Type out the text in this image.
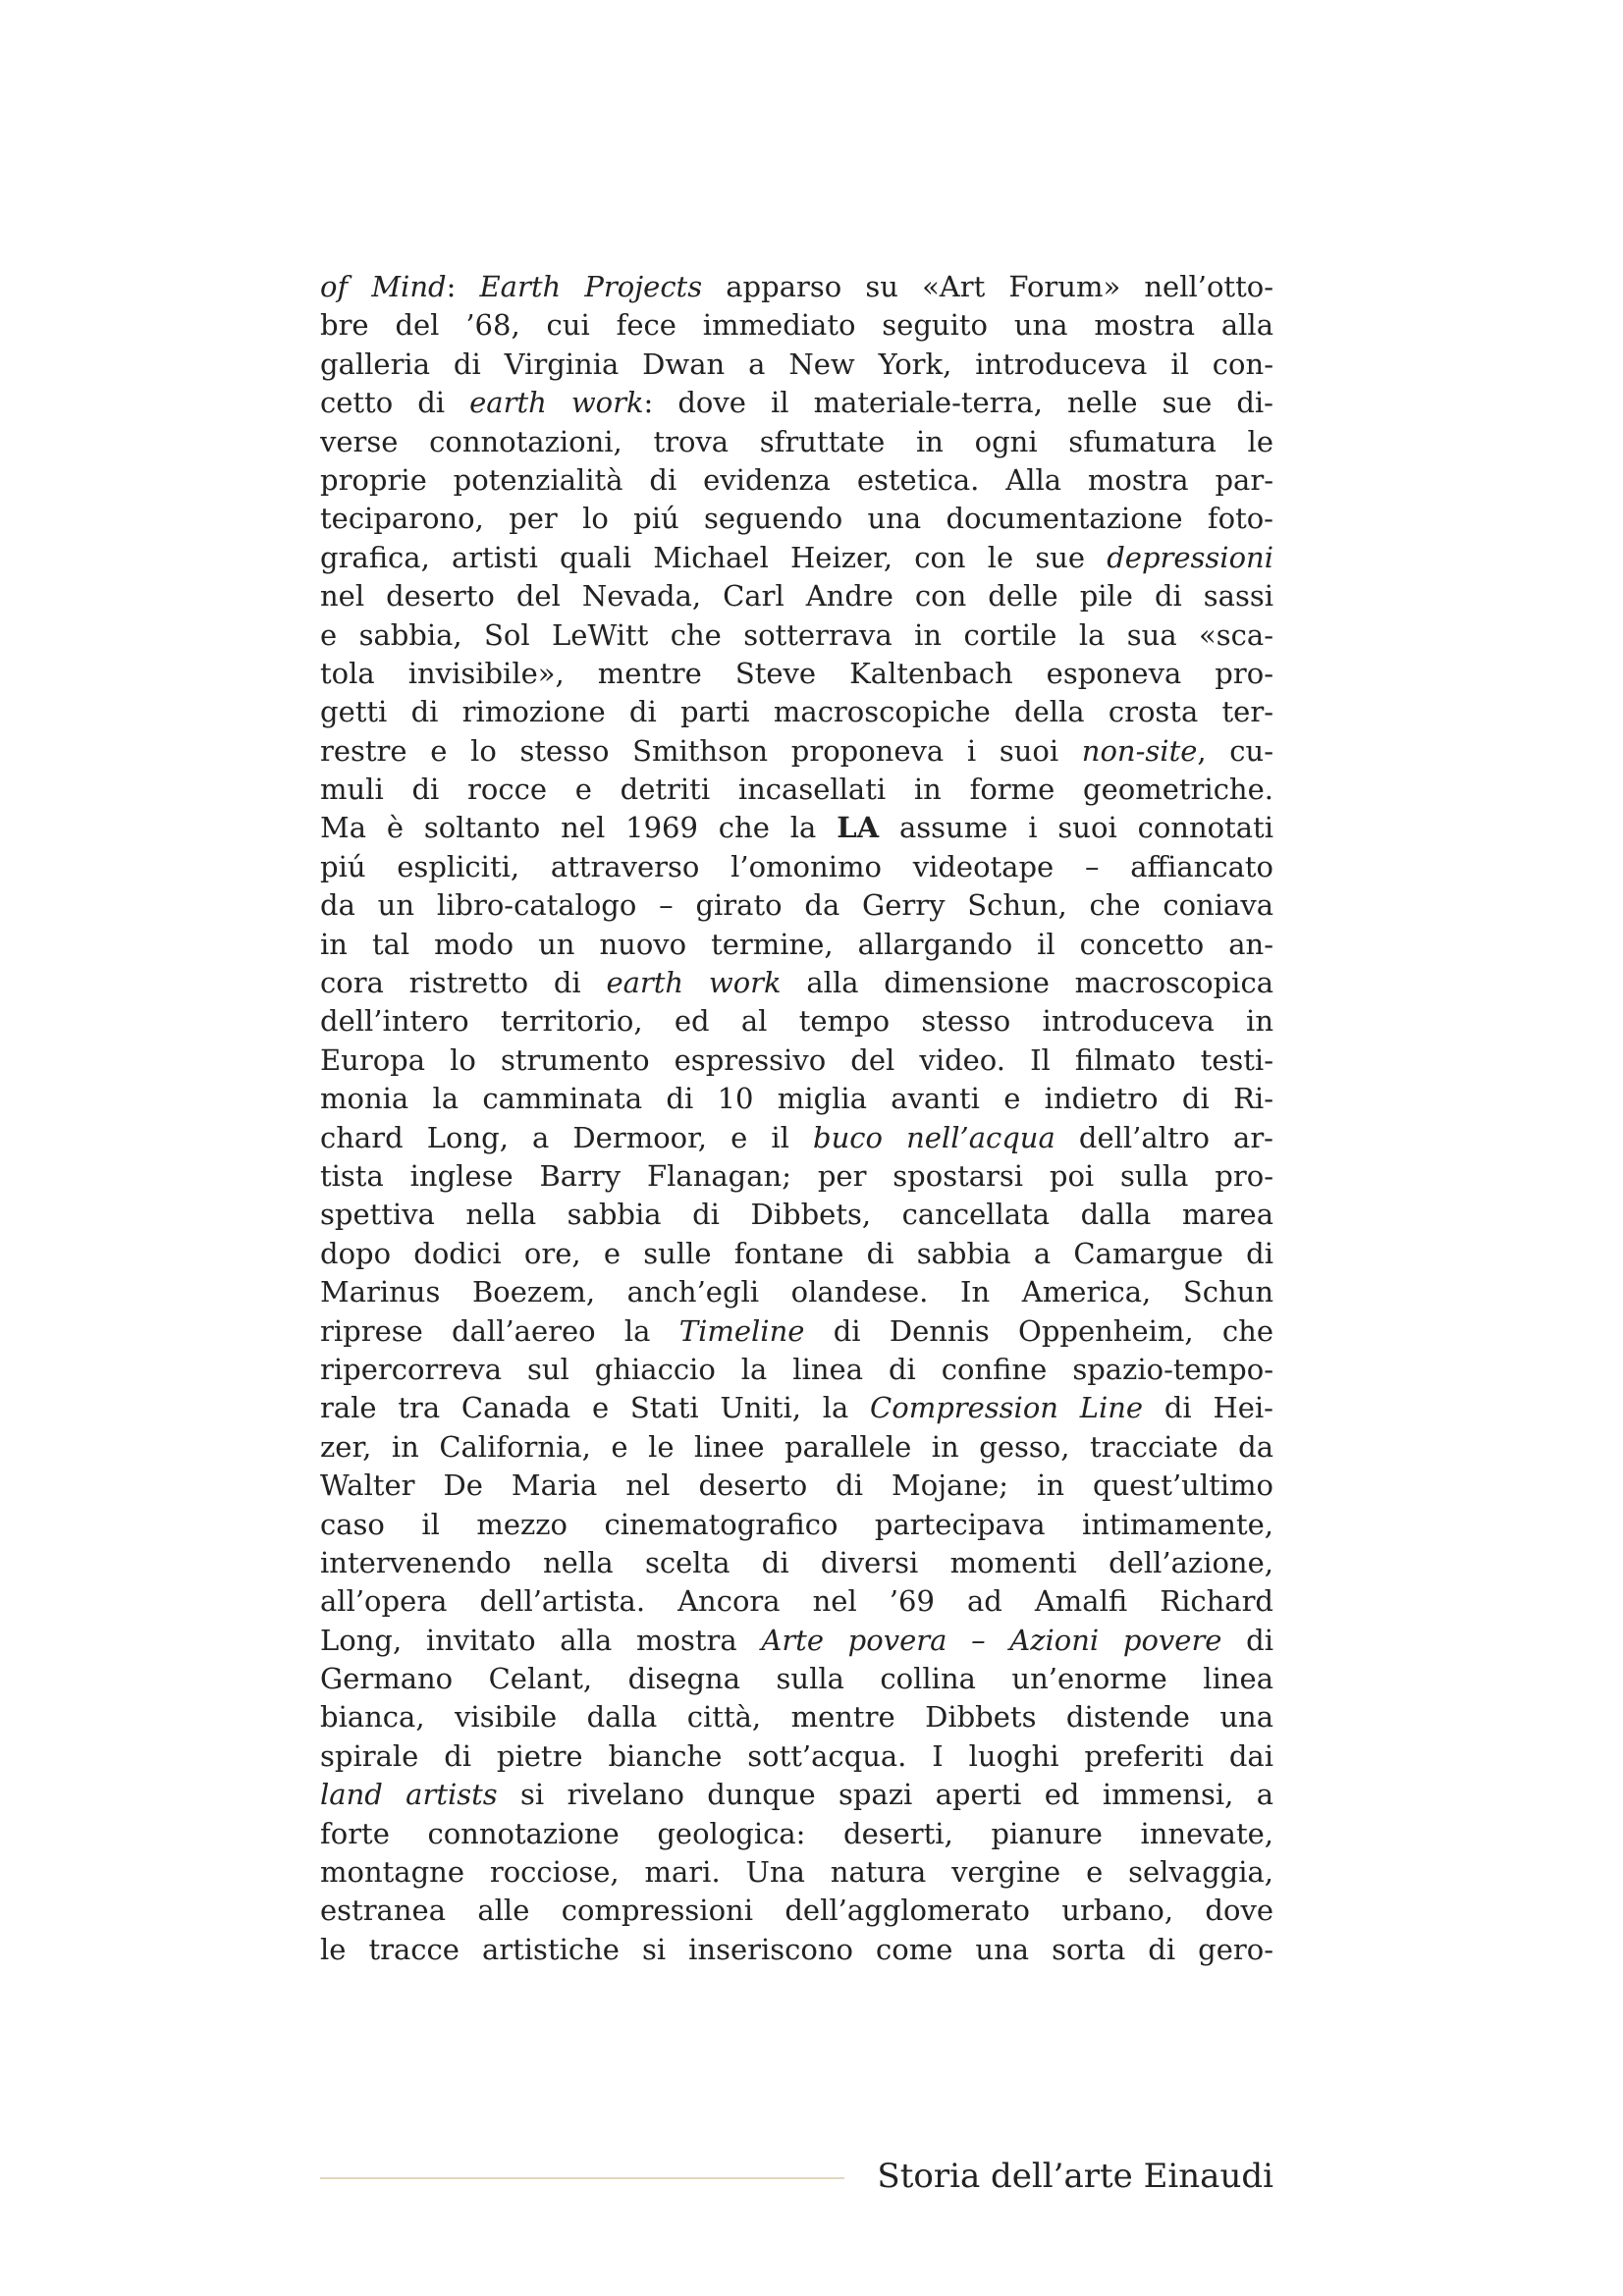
of Mind: Earth Projects apparso su «Art Forum» nell’otto-
bre del ’68, cui fece immediato seguito una mostra alla
galleria di Virginia Dwan a New York, introduceva il con-
cetto di earth work: dove il materiale-terra, nelle sue di-
verse connotazioni, trova sfruttate in ogni sfumatura le
proprie potenzialità di evidenza estetica. Alla mostra par-
teciparono, per lo piú seguendo una documentazione foto-
grafica, artisti quali Michael Heizer, con le sue depressioni
nel deserto del Nevada, Carl Andre con delle pile di sassi
e sabbia, Sol LeWitt che sotterrava in cortile la sua «sca-
tola invisibile», mentre Steve Kaltenbach esponeva pro-
getti di rimozione di parti macroscopiche della crosta ter-
restre e lo stesso Smithson proponeva i suoi non-site, cu-
muli di rocce e detriti incasellati in forme geometriche.
Ma è soltanto nel 1969 che la LA assume i suoi connotati
piú espliciti, attraverso l’omonimo videotape – affiancato
da un libro-catalogo – girato da Gerry Schun, che coniava
in tal modo un nuovo termine, allargando il concetto an-
cora ristretto di earth work alla dimensione macroscopica
dell’intero territorio, ed al tempo stesso introduceva in
Europa lo strumento espressivo del video. Il filmato testi-
monia la camminata di 10 miglia avanti e indietro di Ri-
chard Long, a Dermoor, e il buco nell’acqua dell’altro ar-
tista inglese Barry Flanagan; per spostarsi poi sulla pro-
spettiva nella sabbia di Dibbets, cancellata dalla marea
dopo dodici ore, e sulle fontane di sabbia a Camargue di
Marinus Boezem, anch’egli olandese. In America, Schun
riprese dall’aereo la Timeline di Dennis Oppenheim, che
ripercorreva sul ghiaccio la linea di confine spazio-tempo-
rale tra Canada e Stati Uniti, la Compression Line di Hei-
zer, in California, e le linee parallele in gesso, tracciate da
Walter De Maria nel deserto di Mojane; in quest’ultimo
caso il mezzo cinematografico partecipava intimamente,
intervenendo nella scelta di diversi momenti dell’azione,
all’opera dell’artista. Ancora nel ’69 ad Amalfi Richard
Long, invitato alla mostra Arte povera – Azioni povere di
Germano Celant, disegna sulla collina un’enorme linea
bianca, visibile dalla città, mentre Dibbets distende una
spirale di pietre bianche sott’acqua. I luoghi preferiti dai
land artists si rivelano dunque spazi aperti ed immensi, a
forte connotazione geologica: deserti, pianure innevate,
montagne rocciose, mari. Una natura vergine e selvaggia,
estranea alle compressioni dell’agglomerato urbano, dove
le tracce artistiche si inseriscono come una sorta di gero-
Storia dell’arte Einaudi
